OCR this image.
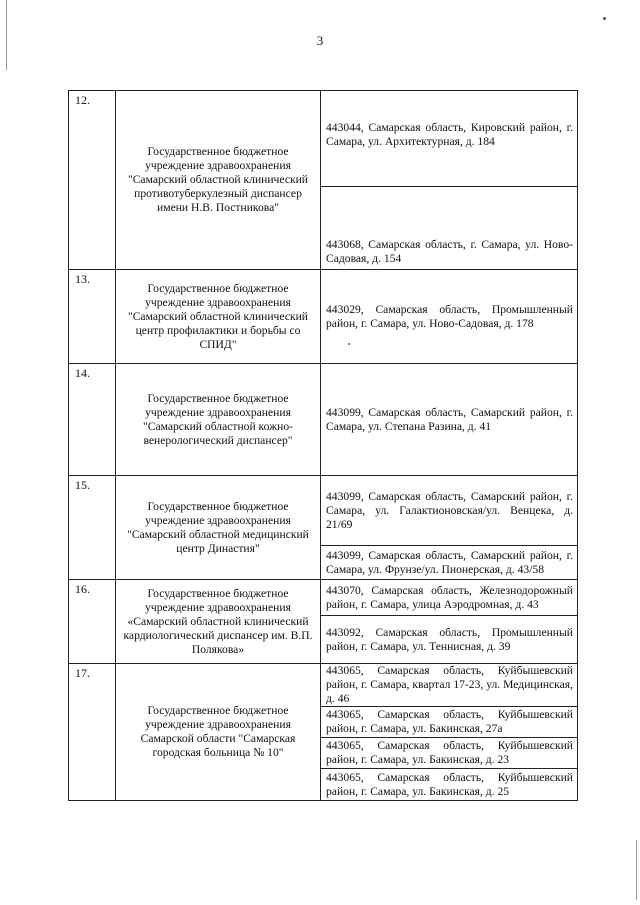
3
12.	Государственное бюджетное учреждение здравоохранения "Самарский областной клинический противотуберкулезный диспансер имени Н.В. Постникова"	443044, Самарская область, Кировский район, г. Самара, ул. Архитектурная, д. 184
		443068, Самарская область, г. Самара, ул. Ново-Садовая, д. 154
13.	Государственное бюджетное учреждение здравоохранения "Самарский областной клинический центр профилактики и борьбы со СПИД"	443029, Самарская область, Промышленный район, г. Самара, ул. Ново-Садовая, д. 178
14.	Государственное бюджетное учреждение здравоохранения "Самарский областной кожно-венерологический диспансер"	443099, Самарская область, Самарский район, г. Самара, ул. Степана Разина, д. 41
15.	Государственное бюджетное учреждение здравоохранения "Самарский областной медицинский центр Династия"	443099, Самарская область, Самарский район, г. Самара, ул. Галактионовская/ул. Венцека, д. 21/69
		443099, Самарская область, Самарский район, г. Самара, ул. Фрунзе/ул. Пионерская, д. 43/58
16.	Государственное бюджетное учреждение здравоохранения «Самарский областной клинический кардиологический диспансер им. В.П. Полякова»	443070, Самарская область, Железнодорожный район, г. Самара, улица Аэродромная, д. 43
		443092, Самарская область, Промышленный район, г. Самара, ул. Теннисная, д. 39
17.	Государственное бюджетное учреждение здравоохранения Самарской области "Самарская городская больница № 10"	443065, Самарская область, Куйбышевский район, г. Самара, квартал 17-23, ул. Медицинская, д. 46
		443065, Самарская область, Куйбышевский район, г. Самара, ул. Бакинская, 27а
		443065, Самарская область, Куйбышевский район, г. Самара, ул. Бакинская, д. 23
		443065, Самарская область, Куйбышевский район, г. Самара, ул. Бакинская, д. 25
